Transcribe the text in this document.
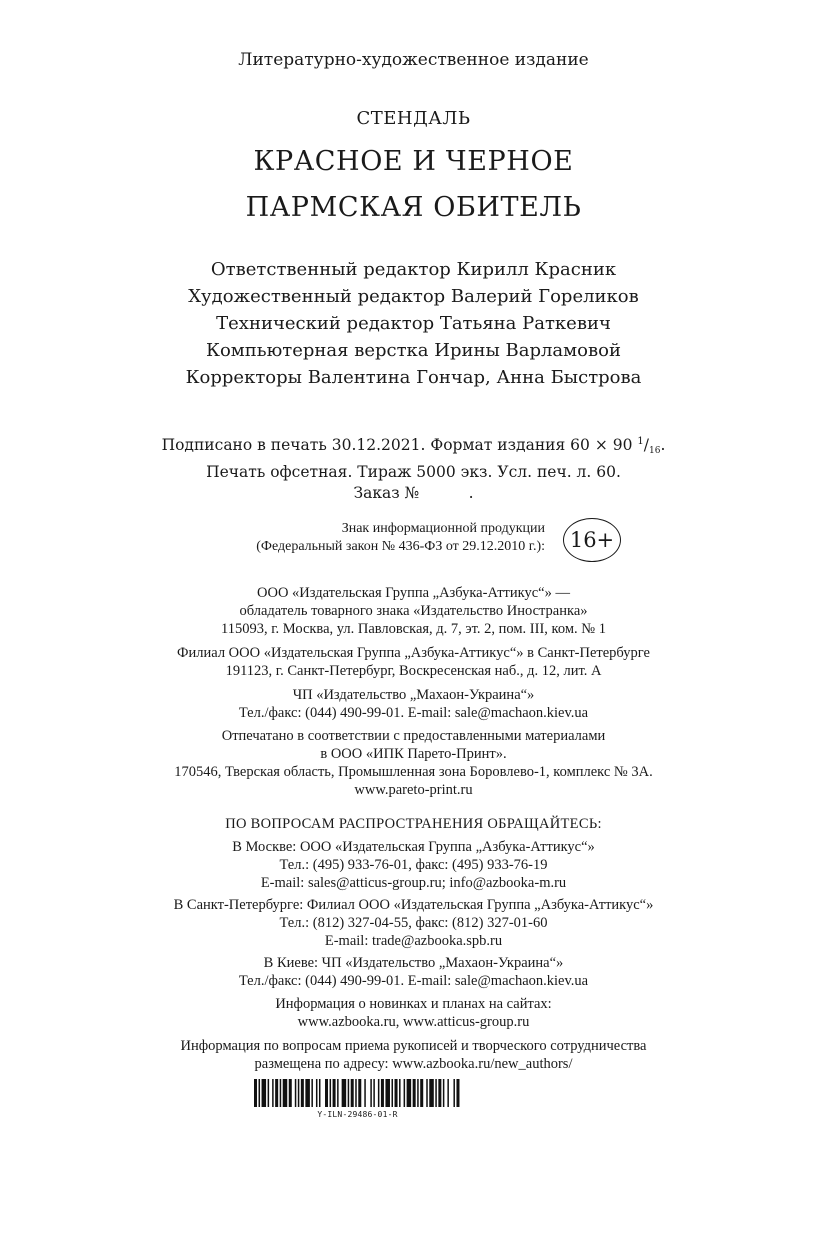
Литературно-художественное издание
СТЕНДАЛЬ
КРАСНОЕ И ЧЕРНОЕ
ПАРМСКАЯ ОБИТЕЛЬ
Ответственный редактор Кирилл Красник
Художественный редактор Валерий Гореликов
Технический редактор Татьяна Раткевич
Компьютерная верстка Ирины Варламовой
Корректоры Валентина Гончар, Анна Быстрова
Подписано в печать 30.12.2021. Формат издания 60 × 90 $^1/_{16}$.
Печать офсетная. Тираж 5000 экз. Усл. печ. л. 60.
Заказ №          .
Знак информационной продукции
(Федеральный закон № 436-ФЗ от 29.12.2010 г.):	16+
ООО «Издательская Группа „Азбука-Аттикус“» —
обладатель товарного знака «Издательство Иностранка»
115093, г. Москва, ул. Павловская, д. 7, эт. 2, пом. III, ком. № 1
Филиал ООО «Издательская Группа „Азбука-Аттикус“» в Санкт-Петербурге
191123, г. Санкт-Петербург, Воскресенская наб., д. 12, лит. А
ЧП «Издательство „Махаон-Украина“»
Тел./факс: (044) 490-99-01. E-mail: sale@machaon.kiev.ua
Отпечатано в соответствии с предоставленными материалами
в ООО «ИПК Парето-Принт».
170546, Тверская область, Промышленная зона Боровлево-1, комплекс № 3А.
www.pareto-print.ru
ПО ВОПРОСАМ РАСПРОСТРАНЕНИЯ ОБРАЩАЙТЕСЬ:
В Москве: ООО «Издательская Группа „Азбука-Аттикус“»
Тел.: (495) 933-76-01, факс: (495) 933-76-19
E-mail: sales@atticus-group.ru; info@azbooka-m.ru
В Санкт-Петербурге: Филиал ООО «Издательская Группа „Азбука-Аттикус“»
Тел.: (812) 327-04-55, факс: (812) 327-01-60
E-mail: trade@azbooka.spb.ru
В Киеве: ЧП «Издательство „Махаон-Украина“»
Тел./факс: (044) 490-99-01. E-mail: sale@machaon.kiev.ua
Информация о новинках и планах на сайтах:
www.azbooka.ru, www.atticus-group.ru
Информация по вопросам приема рукописей и творческого сотрудничества
размещена по адресу: www.azbooka.ru/new_authors/
Y-ILN-29486-01-R
